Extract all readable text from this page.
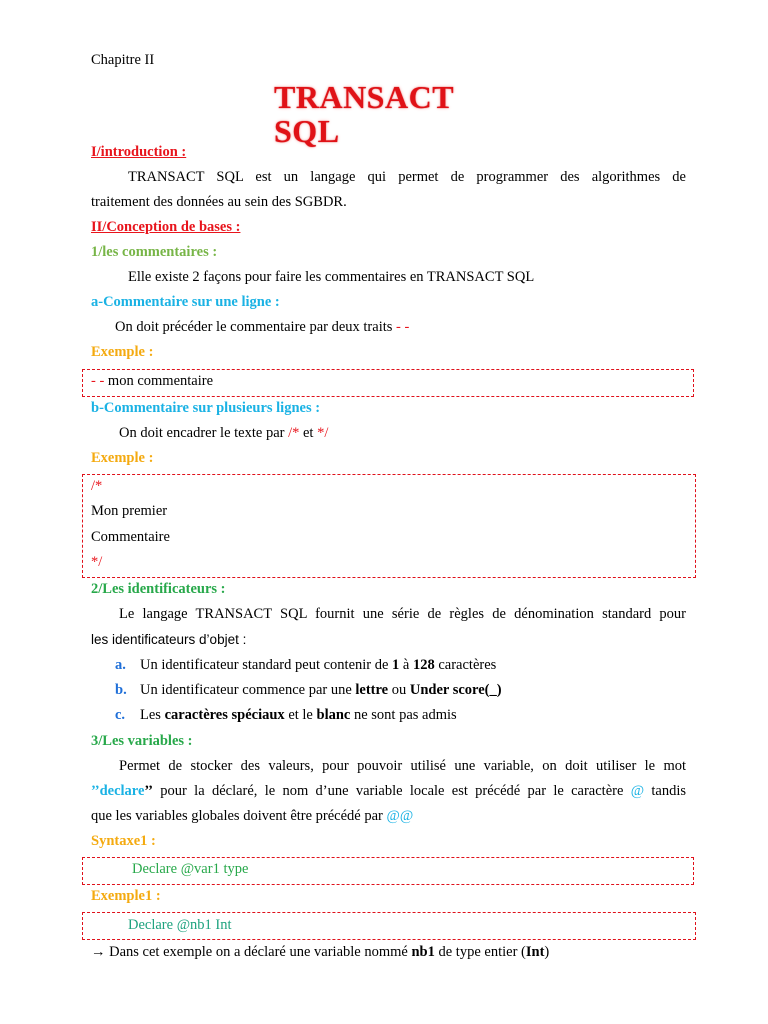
Chapitre II
TRANSACT SQL
I/introduction :
TRANSACT SQL est un langage qui permet de programmer des algorithmes de
traitement des données au sein des SGBDR.
II/Conception de bases :
1/les commentaires :
Elle existe 2 façons pour faire les commentaires en TRANSACT SQL
a-Commentaire sur une ligne :
On doit précéder le commentaire par deux traits - -
Exemple :
- - mon commentaire
b-Commentaire sur plusieurs lignes :
On doit encadrer le texte par /* et */
Exemple :
/*
Mon premier
Commentaire
*/
2/Les identificateurs :
Le langage TRANSACT SQL fournit une série de règles de dénomination standard pour
les identificateurs d’objet :
a. Un identificateur standard peut contenir de 1 à 128 caractères
b. Un identificateur commence par une lettre ou Under score(_)
c. Les caractères spéciaux et le blanc ne sont pas admis
3/Les variables :
Permet de stocker des valeurs, pour pouvoir utilisé une variable, on doit utiliser le mot
’’declare’’ pour la déclaré, le nom d’une variable locale est précédé par le caractère @ tandis
que les variables globales doivent être précédé par @@
Syntaxe1 :
Declare @var1 type
Exemple1 :
Declare @nb1 Int
→ Dans cet exemple on a déclaré une variable nommé nb1 de type entier (Int)
